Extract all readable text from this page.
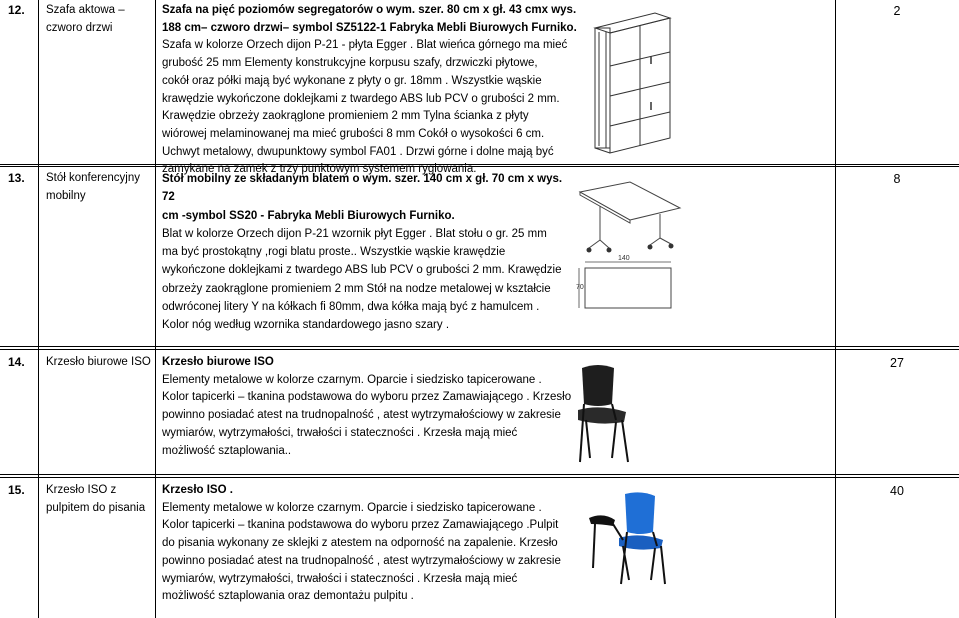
12. Szafa aktowa –
czworo drzwi
Szafa na pięć poziomów segregatorów o wym. szer. 80 cm x gł. 43 cmx wys.
188 cm– czworo drzwi– symbol SZ5122-1 Fabryka Mebli Biurowych Furniko.
Szafa w kolorze Orzech dijon P-21 - płyta Egger . Blat wieńca górnego ma mieć
grubość 25 mm Elementy konstrukcyjne korpusu szafy, drzwiczki płytowe,
cokół oraz półki mają być wykonane z płyty o gr. 18mm . Wszystkie wąskie
krawędzie wykończone doklejkami z twardego ABS lub PCV o grubości 2 mm.
Krawędzie obrzeży zaokrąglone promieniem 2 mm Tylna ścianka z płyty
wiórowej melaminowanej ma mieć grubości 8 mm Cokół o wysokości 6 cm.
Uchwyt metalowy, dwupunktowy symbol FA01 . Drzwi górne i dolne mają być
zamykane na zamek z trzy punktowym systemem ryglowania.
2
13. Stół konferencyjny
mobilny
Stół mobilny ze składanym blatem o wym. szer. 140 cm x gł. 70 cm x wys. 72
cm -symbol SS20 - Fabryka Mebli Biurowych Furniko.
Blat w kolorze Orzech dijon P-21 wzornik płyt Egger . Blat stołu o gr. 25 mm
ma być prostokątny ,rogi blatu proste.. Wszystkie wąskie krawędzie
wykończone doklejkami z twardego ABS lub PCV o grubości 2 mm. Krawędzie
obrzeży zaokrąglone promieniem 2 mm Stół na nodze metalowej w kształcie
odwróconej litery Y na kółkach fi 80mm, dwa kółka mają być z hamulcem .
Kolor nóg według wzornika standardowego jasno szary .
8
140
70
14. Krzesło biurowe ISO Krzesło biurowe ISO
Elementy metalowe w kolorze czarnym. Oparcie i siedzisko tapicerowane .
Kolor tapicerki – tkanina podstawowa do wyboru przez Zamawiającego . Krzesło
powinno posiadać atest na trudnopalność , atest wytrzymałościowy w zakresie
wymiarów, wytrzymałości, trwałości i stateczności . Krzesła mają mieć
możliwość sztaplowania..
27
15. Krzesło ISO z
pulpitem do pisania
Krzesło ISO .
Elementy metalowe w kolorze czarnym. Oparcie i siedzisko tapicerowane .
Kolor tapicerki – tkanina podstawowa do wyboru przez Zamawiającego .Pulpit
do pisania wykonany ze sklejki z atestem na odporność na zapalenie. Krzesło
powinno posiadać atest na trudnopalność , atest wytrzymałościowy w zakresie
wymiarów, wytrzymałości, trwałości i stateczności . Krzesła mają mieć
możliwość sztaplowania oraz demontażu pulpitu .
40
